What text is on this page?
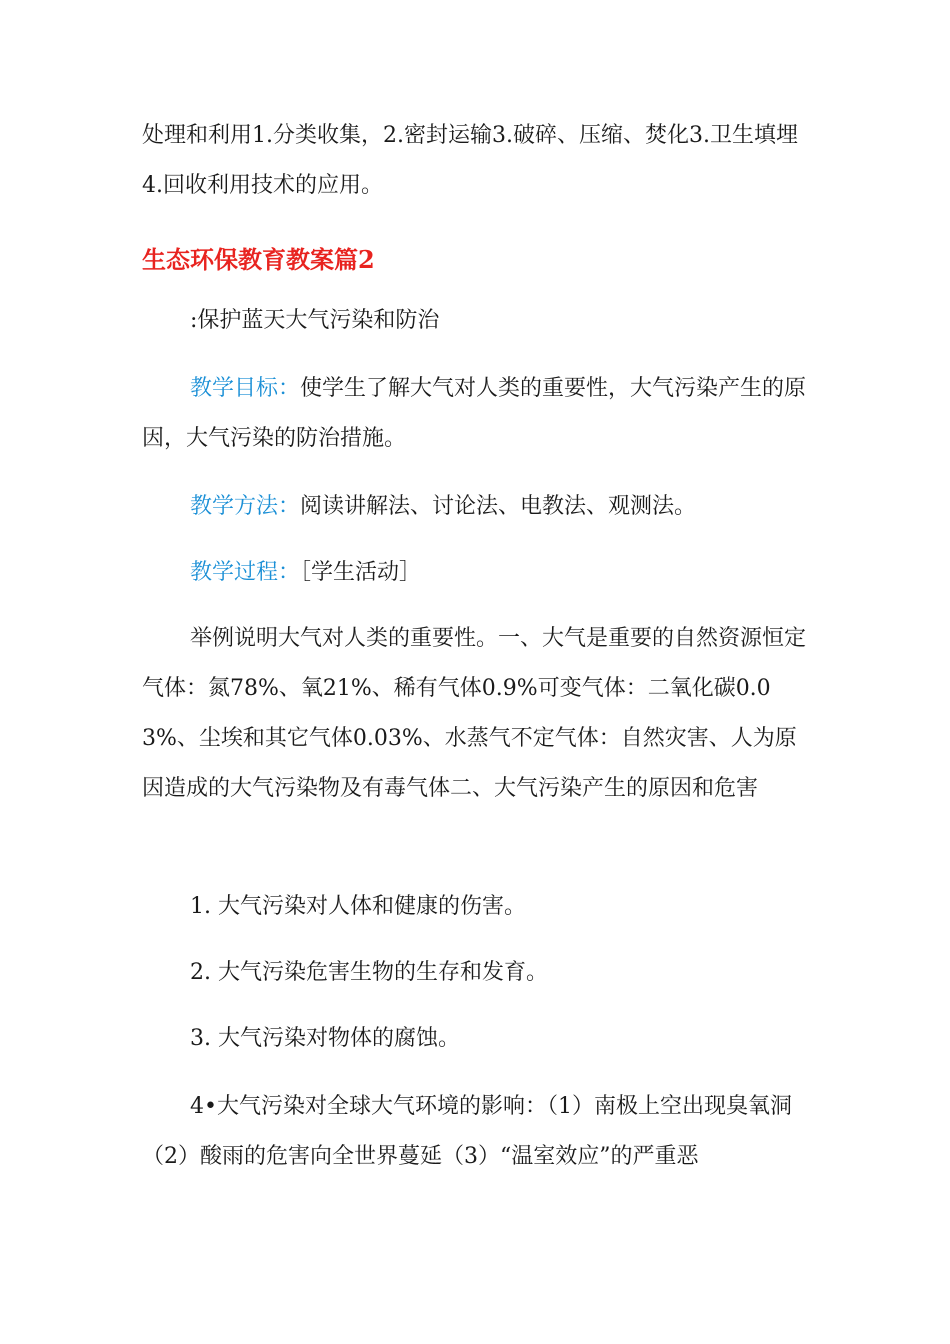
处理和利用1.分类收集，2.密封运输3.破碎、压缩、焚化3.卫生填埋4.回收利用技术的应用。

生态环保教育教案篇2

:保护蓝天大气污染和防治

教学目标：使学生了解大气对人类的重要性，大气污染产生的原因，大气污染的防治措施。

教学方法：阅读讲解法、讨论法、电教法、观测法。

教学过程：［学生活动］

举例说明大气对人类的重要性。一、大气是重要的自然资源恒定气体：氮78%、氧21%、稀有气体0.9%可变气体：二氧化碳0.03%、尘埃和其它气体0.03%、水蒸气不定气体：自然灾害、人为原因造成的大气污染物及有毒气体二、大气污染产生的原因和危害

1. 大气污染对人体和健康的伤害。

2. 大气污染危害生物的生存和发育。

3. 大气污染对物体的腐蚀。

4•大气污染对全球大气环境的影响：（1）南极上空出现臭氧洞（2）酸雨的危害向全世界蔓延（3）“温室效应”的严重恶
